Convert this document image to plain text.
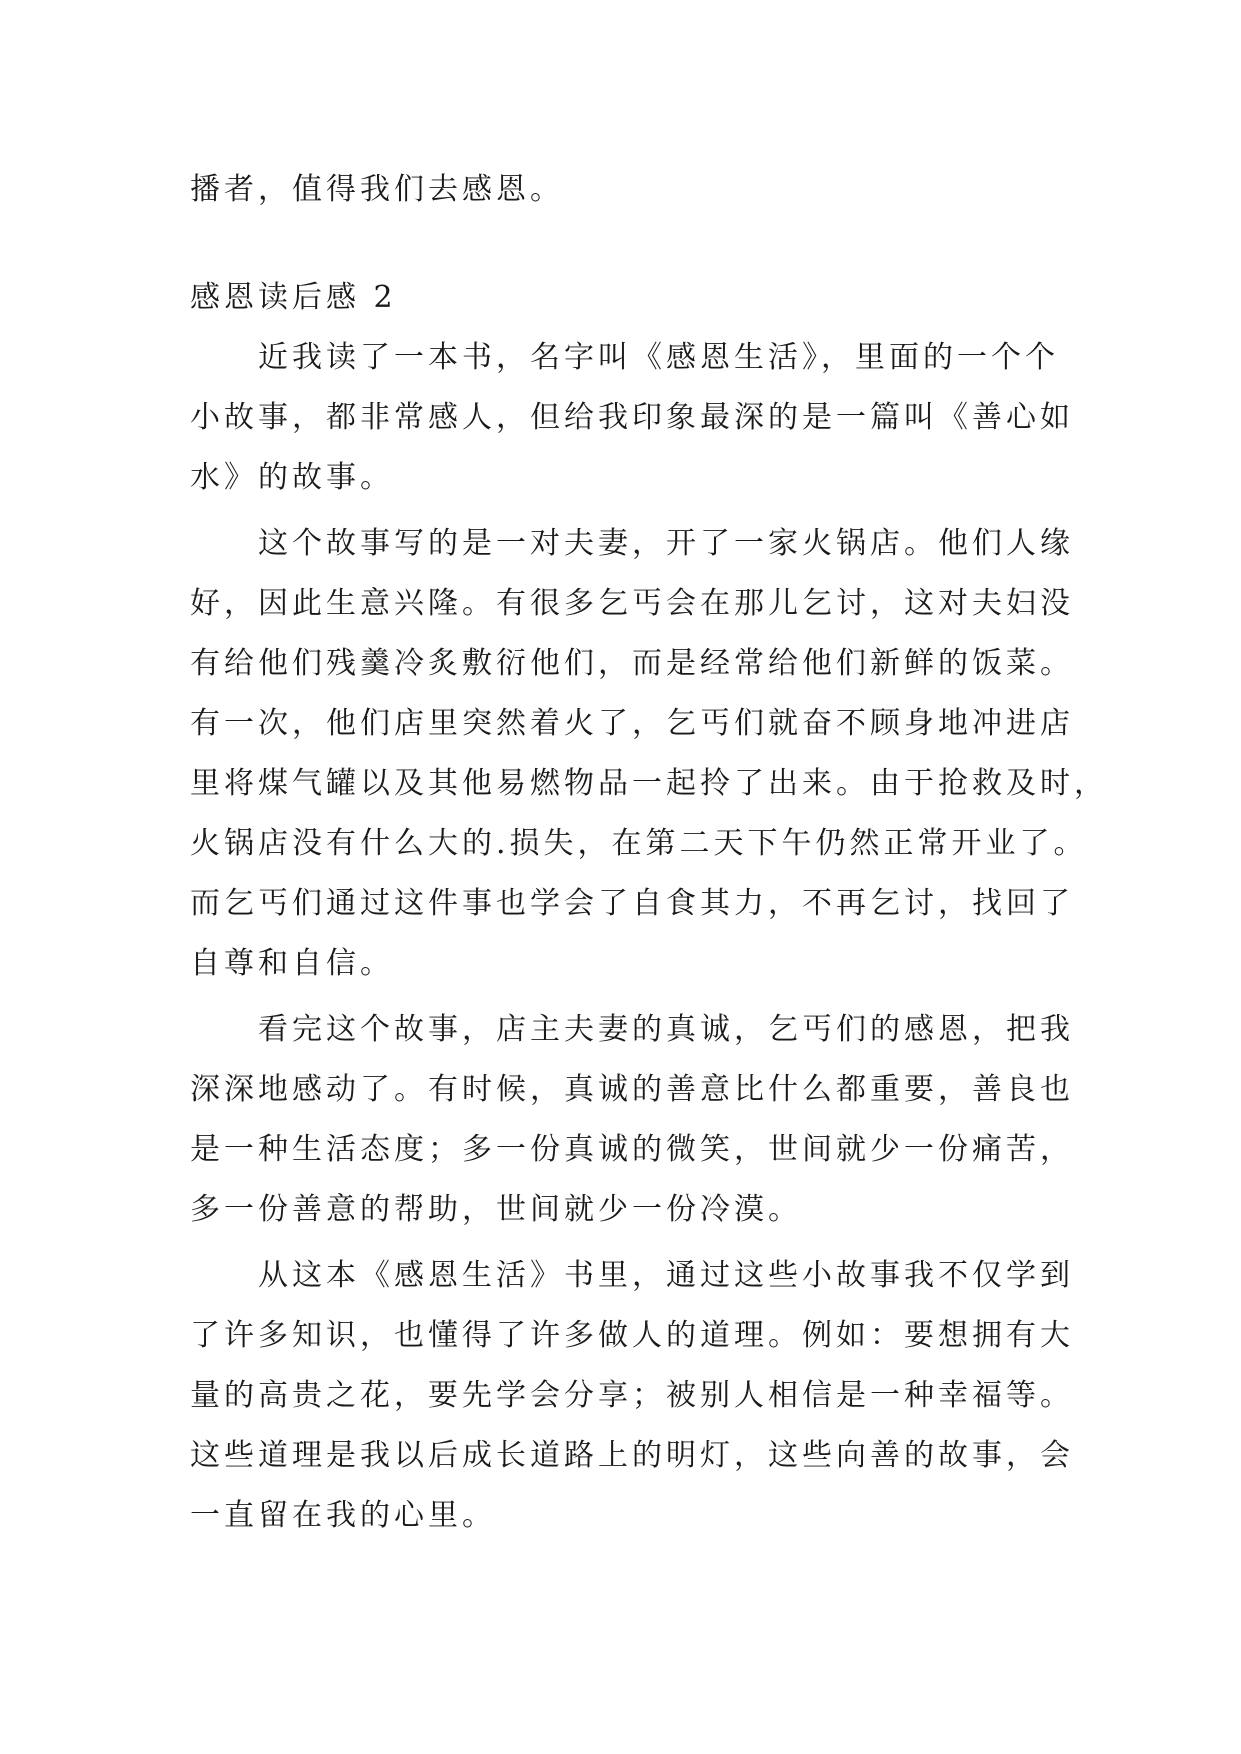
播者，值得我们去感恩。
感恩读后感 2
　　近我读了一本书，名字叫《感恩生活》，里面的一个个
小故事，都非常感人，但给我印象最深的是一篇叫《善心如
水》的故事。
　　这个故事写的是一对夫妻，开了一家火锅店。他们人缘
好，因此生意兴隆。有很多乞丐会在那儿乞讨，这对夫妇没
有给他们残羹冷炙敷衍他们，而是经常给他们新鲜的饭菜。
有一次，他们店里突然着火了，乞丐们就奋不顾身地冲进店
里将煤气罐以及其他易燃物品一起拎了出来。由于抢救及时，
火锅店没有什么大的.损失，在第二天下午仍然正常开业了。
而乞丐们通过这件事也学会了自食其力，不再乞讨，找回了
自尊和自信。
　　看完这个故事，店主夫妻的真诚，乞丐们的感恩，把我
深深地感动了。有时候，真诚的善意比什么都重要，善良也
是一种生活态度；多一份真诚的微笑，世间就少一份痛苦，
多一份善意的帮助，世间就少一份冷漠。
　　从这本《感恩生活》书里，通过这些小故事我不仅学到
了许多知识，也懂得了许多做人的道理。例如：要想拥有大
量的高贵之花，要先学会分享；被别人相信是一种幸福等。
这些道理是我以后成长道路上的明灯，这些向善的故事，会
一直留在我的心里。
